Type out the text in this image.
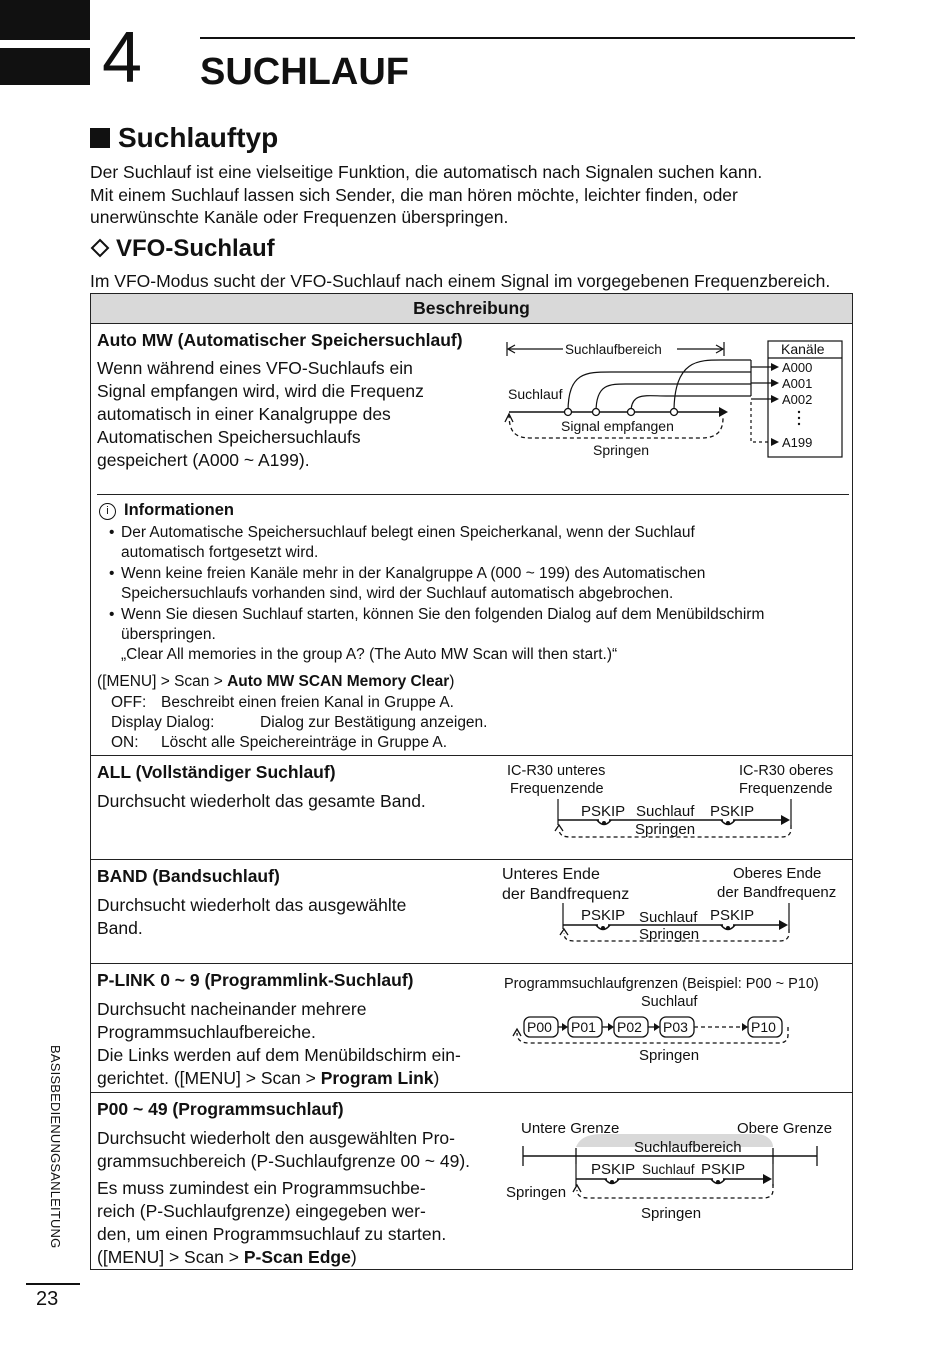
4 SUCHLAUF
Suchlauftyp
Der Suchlauf ist eine vielseitige Funktion, die automatisch nach Signalen suchen kann.
Mit einem Suchlauf lassen sich Sender, die man hören möchte, leichter finden, oder
unerwünschte Kanäle oder Frequenzen überspringen.
VFO-Suchlauf
Im VFO-Modus sucht der VFO-Suchlauf nach einem Signal im vorgegebenen Frequenzbereich.
Beschreibung
Auto MW (Automatischer Speichersuchlauf)
Wenn während eines VFO-Suchlaufs ein
Signal empfangen wird, wird die Frequenz
automatisch in einer Kanalgruppe des
Automatischen Speichersuchlaufs
gespeichert (A000 ~ A199).
Suchlaufbereich
Suchlauf
Signal empfangen
Springen
Kanäle
A000
A001
A002
A199
i Informationen
• Der Automatische Speichersuchlauf belegt einen Speicherkanal, wenn der Suchlauf
automatisch fortgesetzt wird.
• Wenn keine freien Kanäle mehr in der Kanalgruppe A (000 ~ 199) des Automatischen
Speichersuchlaufs vorhanden sind, wird der Suchlauf automatisch abgebrochen.
• Wenn Sie diesen Suchlauf starten, können Sie den folgenden Dialog auf dem Menübildschirm
überspringen.
„Clear All memories in the group A? (The Auto MW Scan will then start.)“
([MENU] > Scan > Auto MW SCAN Memory Clear)
OFF: Beschreibt einen freien Kanal in Gruppe A.
Display Dialog:	Dialog zur Bestätigung anzeigen.
ON: Löscht alle Speichereinträge in Gruppe A.
ALL (Vollständiger Suchlauf)
Durchsucht wiederholt das gesamte Band.
IC-R30 unteres
Frequenzende
IC-R30 oberes
Frequenzende
PSKIP Suchlauf PSKIP
Springen
BAND (Bandsuchlauf)
Durchsucht wiederholt das ausgewählte
Band.
Unteres Ende
der Bandfrequenz
Oberes Ende
der Bandfrequenz
PSKIP Suchlauf PSKIP
Springen
P-LINK 0 ~ 9 (Programmlink-Suchlauf)
Durchsucht nacheinander mehrere
Programmsuchlaufbereiche.
Die Links werden auf dem Menübildschirm ein-
gerichtet. ([MENU] > Scan > Program Link)
Programmsuchlaufgrenzen (Beispiel: P00 ~ P10)
Suchlauf
P00 P01 P02 P03	P10
Springen
P00 ~ 49 (Programmsuchlauf)
Durchsucht wiederholt den ausgewählten Pro-
grammsuchbereich (P-Suchlaufgrenze 00 ~ 49).
Es muss zumindest ein Programmsuchbe-
reich (P-Suchlaufgrenze) eingegeben wer-
den, um einen Programmsuchlauf zu starten.
([MENU] > Scan > P-Scan Edge)
Untere Grenze	Obere Grenze
Suchlaufbereich
PSKIP Suchlauf PSKIP
Springen
Springen
BASISBEDIENUNGSANLEITUNG
23
